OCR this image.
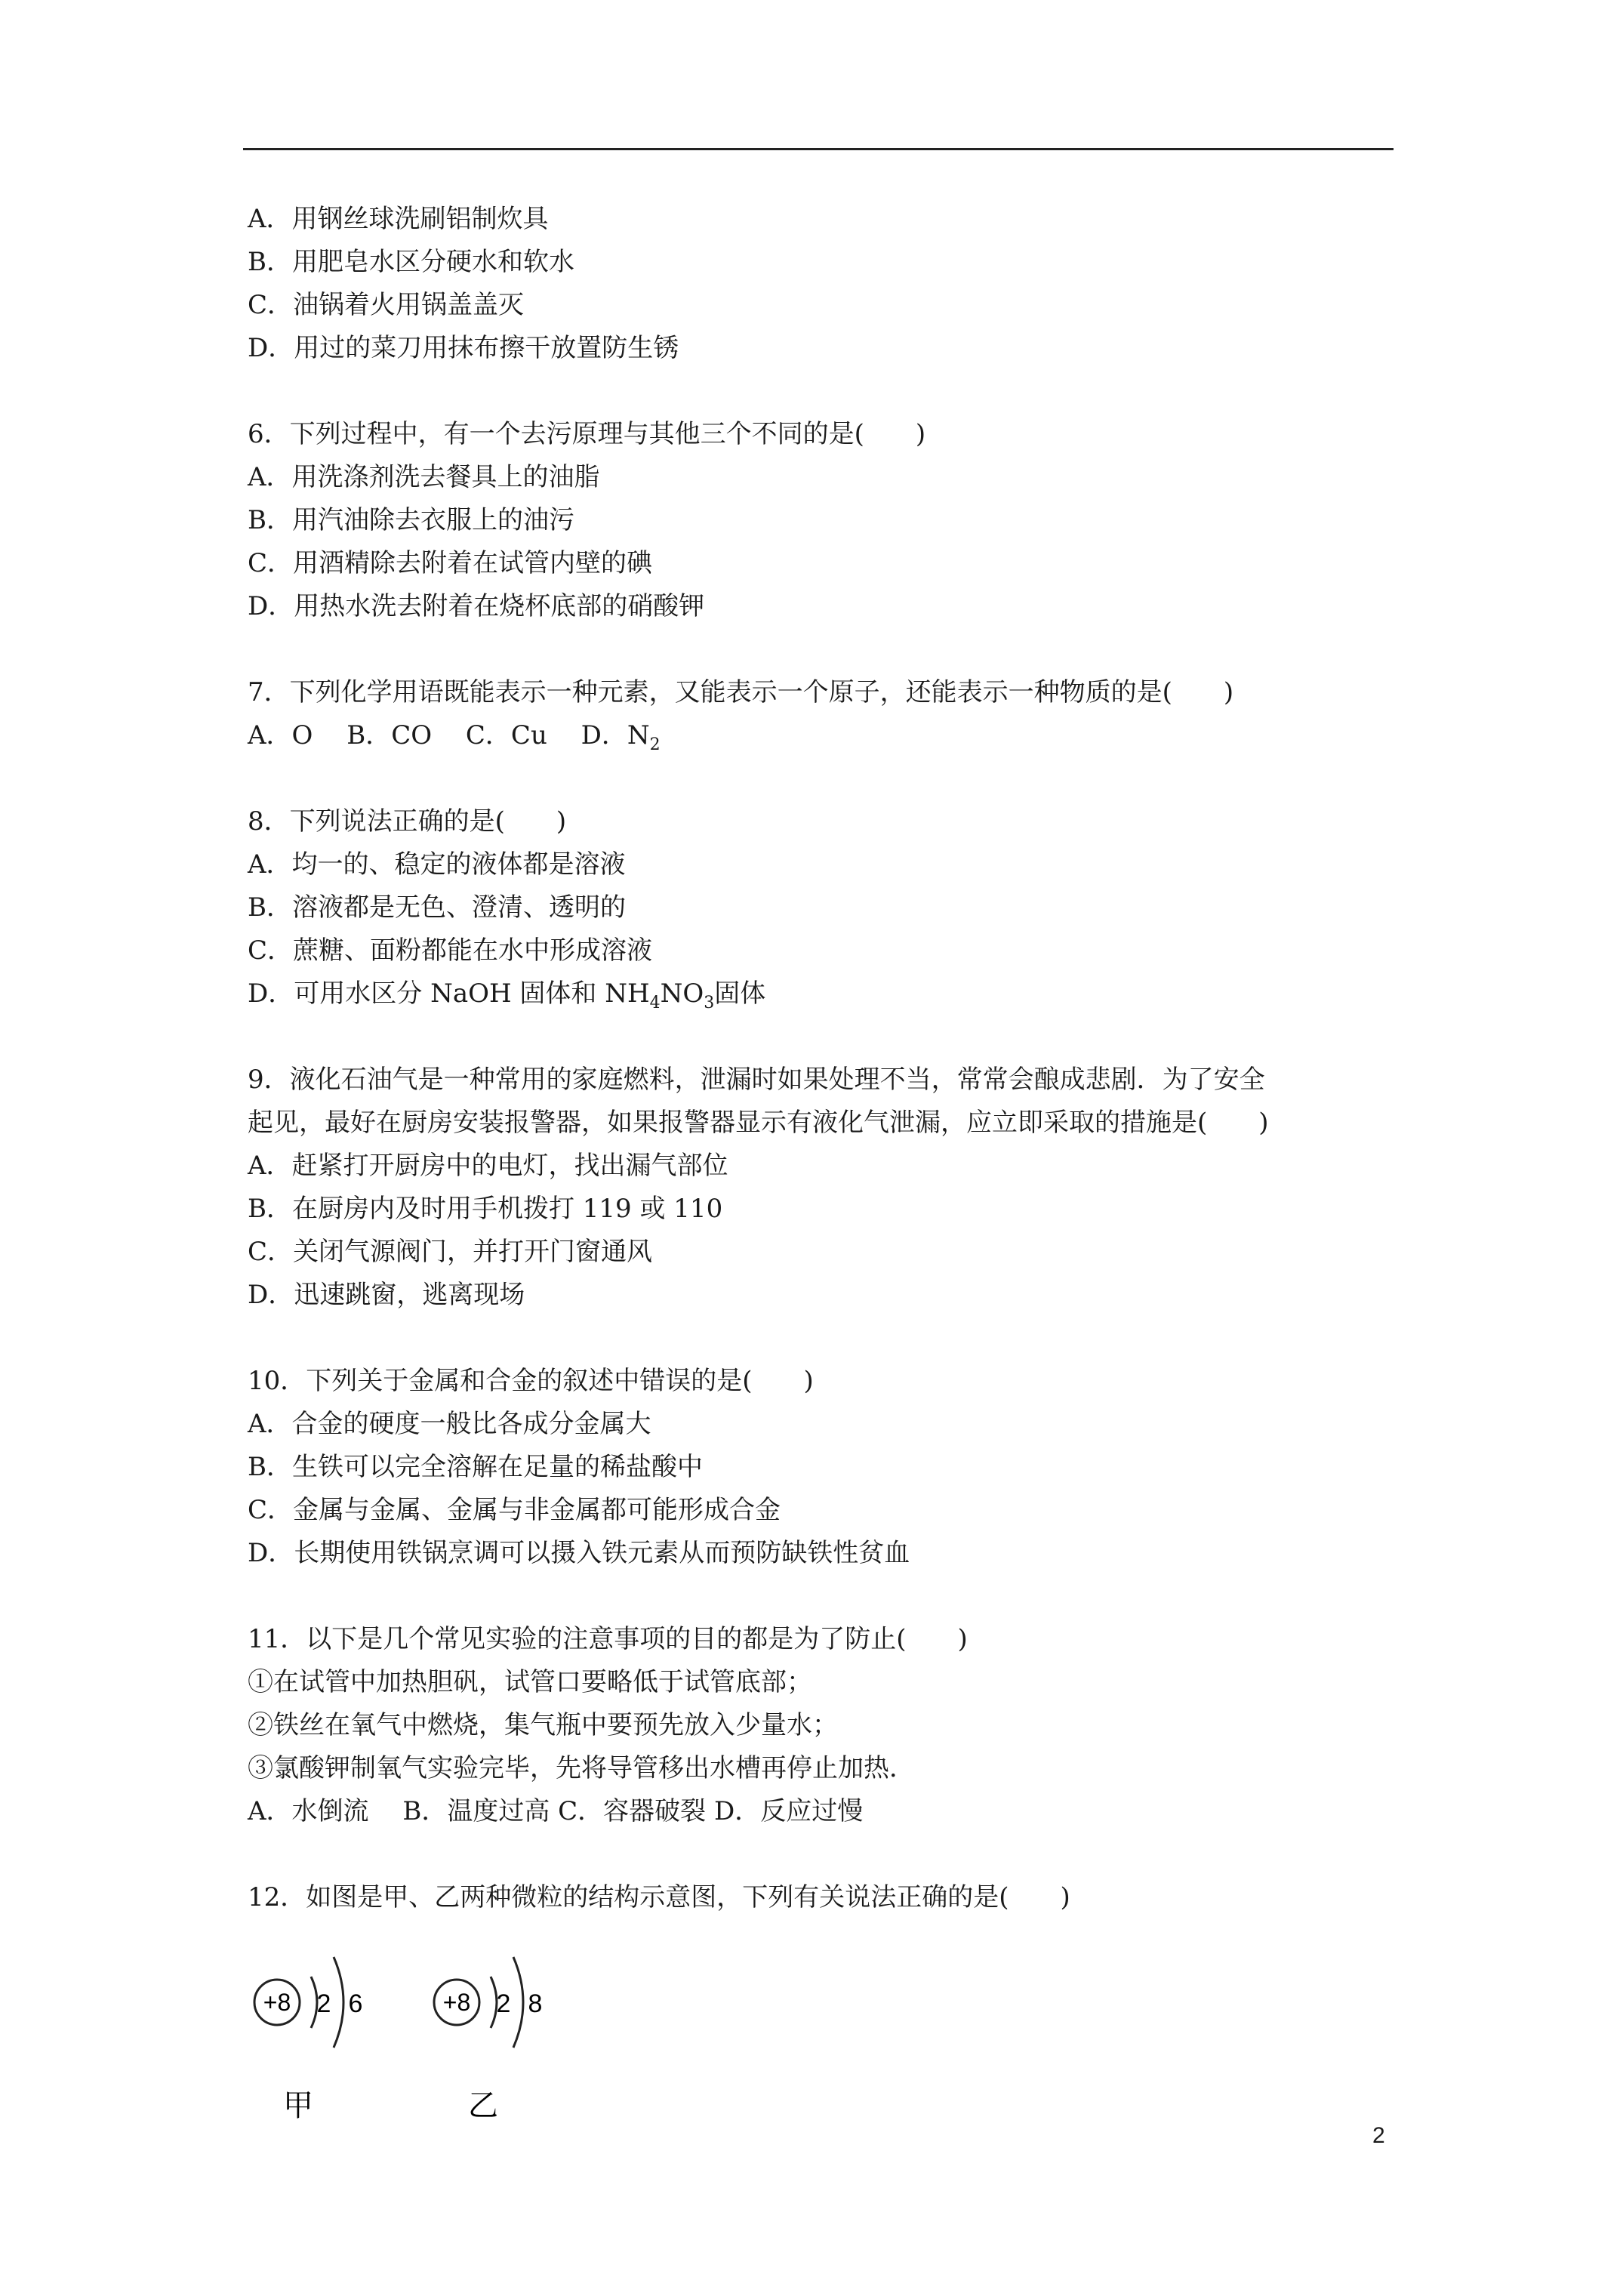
A．用钢丝球洗刷铝制炊具
B．用肥皂水区分硬水和软水
C．油锅着火用锅盖盖灭
D．用过的菜刀用抹布擦干放置防生锈
6．下列过程中，有一个去污原理与其他三个不同的是(　　)
A．用洗涤剂洗去餐具上的油脂
B．用汽油除去衣服上的油污
C．用酒精除去附着在试管内壁的碘
D．用热水洗去附着在烧杯底部的硝酸钾
7．下列化学用语既能表示一种元素，又能表示一个原子，还能表示一种物质的是(　　)
A．O　 B．CO　 C．Cu　 D．$N_2$
8．下列说法正确的是(　　)
A．均一的、稳定的液体都是溶液
B．溶液都是无色、澄清、透明的
C．蔗糖、面粉都能在水中形成溶液
D．可用水区分 NaOH 固体和 $NH_4NO_3$固体
9．液化石油气是一种常用的家庭燃料，泄漏时如果处理不当，常常会酿成悲剧．为了安全
起见，最好在厨房安装报警器，如果报警器显示有液化气泄漏，应立即采取的措施是(　　)
A．赶紧打开厨房中的电灯，找出漏气部位
B．在厨房内及时用手机拨打 119 或 110
C．关闭气源阀门，并打开门窗通风
D．迅速跳窗，逃离现场
10．下列关于金属和合金的叙述中错误的是(　　)
A．合金的硬度一般比各成分金属大
B．生铁可以完全溶解在足量的稀盐酸中
C．金属与金属、金属与非金属都可能形成合金
D．长期使用铁锅烹调可以摄入铁元素从而预防缺铁性贫血
11．以下是几个常见实验的注意事项的目的都是为了防止(　　)
①在试管中加热胆矾，试管口要略低于试管底部；
②铁丝在氧气中燃烧，集气瓶中要预先放入少量水；
③氯酸钾制氧气实验完毕，先将导管移出水槽再停止加热．
A．水倒流　 B．温度过高 C．容器破裂 D．反应过慢
12．如图是甲、乙两种微粒的结构示意图，下列有关说法正确的是(　　)
+8 2 6
甲
+8 2 8
乙
2
